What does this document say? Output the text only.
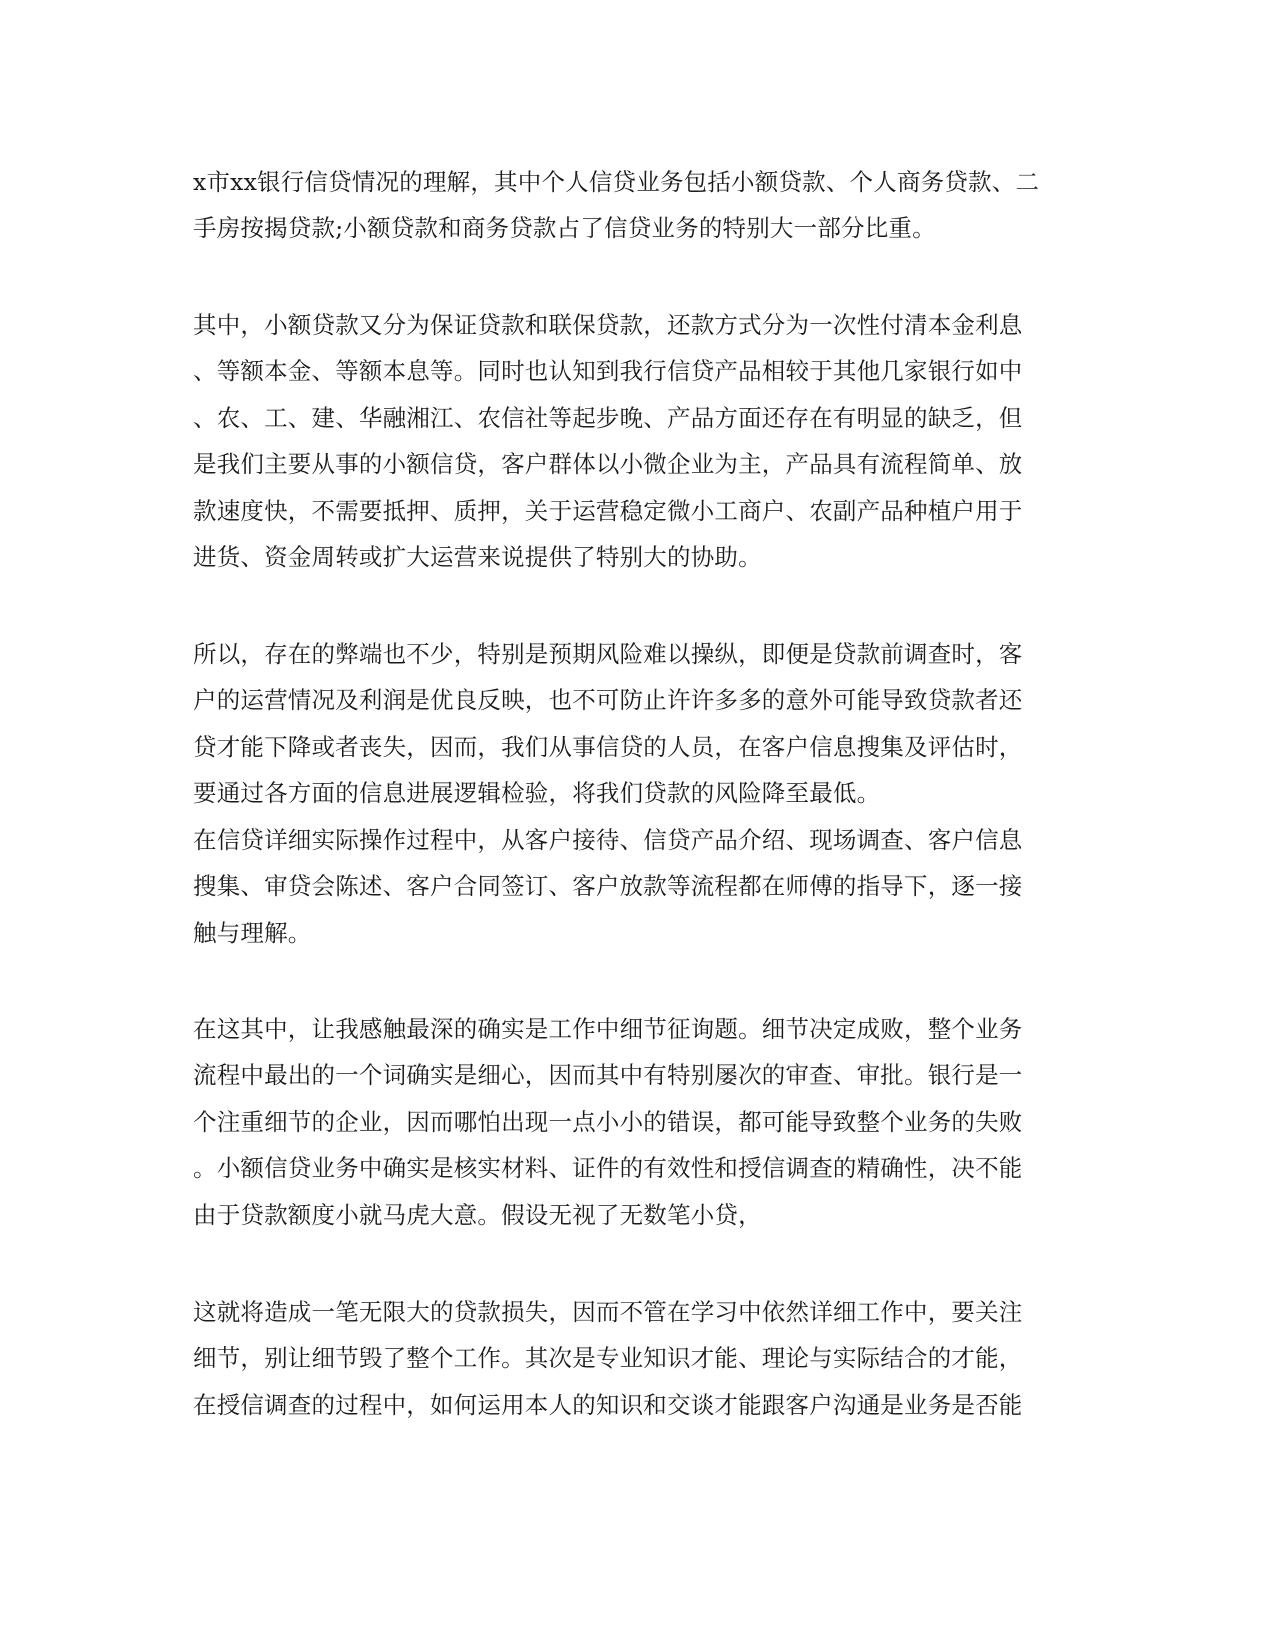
x市xx银行信贷情况的理解，其中个人信贷业务包括小额贷款、个人商务贷款、二
手房按揭贷款;小额贷款和商务贷款占了信贷业务的特别大一部分比重。
其中，小额贷款又分为保证贷款和联保贷款，还款方式分为一次性付清本金利息
、等额本金、等额本息等。同时也认知到我行信贷产品相较于其他几家银行如中
、农、工、建、华融湘江、农信社等起步晚、产品方面还存在有明显的缺乏，但
是我们主要从事的小额信贷，客户群体以小微企业为主，产品具有流程简单、放
款速度快，不需要抵押、质押，关于运营稳定微小工商户、农副产品种植户用于
进货、资金周转或扩大运营来说提供了特别大的协助。
所以，存在的弊端也不少，特别是预期风险难以操纵，即便是贷款前调查时，客
户的运营情况及利润是优良反映，也不可防止许许多多的意外可能导致贷款者还
贷才能下降或者丧失，因而，我们从事信贷的人员，在客户信息搜集及评估时，
要通过各方面的信息进展逻辑检验，将我们贷款的风险降至最低。
在信贷详细实际操作过程中，从客户接待、信贷产品介绍、现场调查、客户信息
搜集、审贷会陈述、客户合同签订、客户放款等流程都在师傅的指导下，逐一接
触与理解。
在这其中，让我感触最深的确实是工作中细节征询题。细节决定成败，整个业务
流程中最出的一个词确实是细心，因而其中有特别屡次的审查、审批。银行是一
个注重细节的企业，因而哪怕出现一点小小的错误，都可能导致整个业务的失败
。小额信贷业务中确实是核实材料、证件的有效性和授信调查的精确性，决不能
由于贷款额度小就马虎大意。假设无视了无数笔小贷，
这就将造成一笔无限大的贷款损失，因而不管在学习中依然详细工作中，要关注
细节，别让细节毁了整个工作。其次是专业知识才能、理论与实际结合的才能，
在授信调查的过程中，如何运用本人的知识和交谈才能跟客户沟通是业务是否能
